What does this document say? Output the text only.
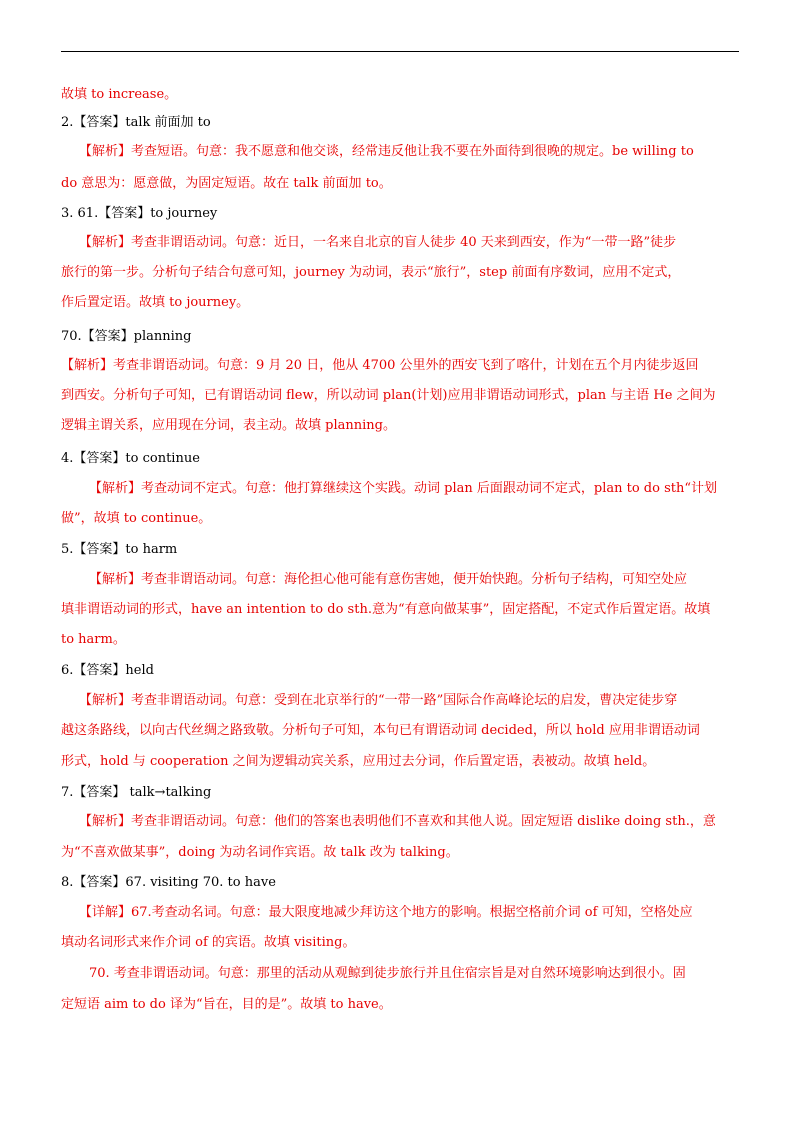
故填 to increase。
2.【答案】talk 前面加 to
【解析】考查短语。句意：我不愿意和他交谈，经常违反他让我不要在外面待到很晚的规定。be willing to
do 意思为：愿意做，为固定短语。故在 talk 前面加 to。
3. 61.【答案】to journey
【解析】考查非谓语动词。句意：近日，一名来自北京的盲人徒步 40 天来到西安，作为“一带一路”徒步
旅行的第一步。分析句子结合句意可知，journey 为动词，表示“旅行”，step 前面有序数词，应用不定式，
作后置定语。故填 to journey。
70.【答案】planning
【解析】考查非谓语动词。句意：9 月 20 日，他从 4700 公里外的西安飞到了喀什，计划在五个月内徒步返回
到西安。分析句子可知，已有谓语动词 flew，所以动词 plan(计划)应用非谓语动词形式，plan 与主语 He 之间为
逻辑主谓关系，应用现在分词，表主动。故填 planning。
4.【答案】to continue
【解析】考查动词不定式。句意：他打算继续这个实践。动词 plan 后面跟动词不定式，plan to do sth“计划
做”，故填 to continue。
5.【答案】to harm
【解析】考查非谓语动词。句意：海伦担心他可能有意伤害她，便开始快跑。分析句子结构，可知空处应
填非谓语动词的形式，have an intention to do sth.意为“有意向做某事”，固定搭配，不定式作后置定语。故填
to harm。
6.【答案】held
【解析】考查非谓语动词。句意：受到在北京举行的“一带一路”国际合作高峰论坛的启发，曹决定徒步穿
越这条路线，以向古代丝绸之路致敬。分析句子可知，本句已有谓语动词 decided，所以 hold 应用非谓语动词
形式，hold 与 cooperation 之间为逻辑动宾关系，应用过去分词，作后置定语，表被动。故填 held。
7.【答案】 talk→talking
【解析】考查非谓语动词。句意：他们的答案也表明他们不喜欢和其他人说。固定短语 dislike doing sth.，意
为“不喜欢做某事”，doing 为动名词作宾语。故 talk 改为 talking。
8.【答案】67. visiting 70. to have
【详解】67.考查动名词。句意：最大限度地减少拜访这个地方的影响。根据空格前介词 of 可知，空格处应
填动名词形式来作介词 of 的宾语。故填 visiting。
70. 考查非谓语动词。句意：那里的活动从观鲸到徒步旅行并且住宿宗旨是对自然环境影响达到很小。固
定短语 aim to do 译为“旨在，目的是”。故填 to have。
